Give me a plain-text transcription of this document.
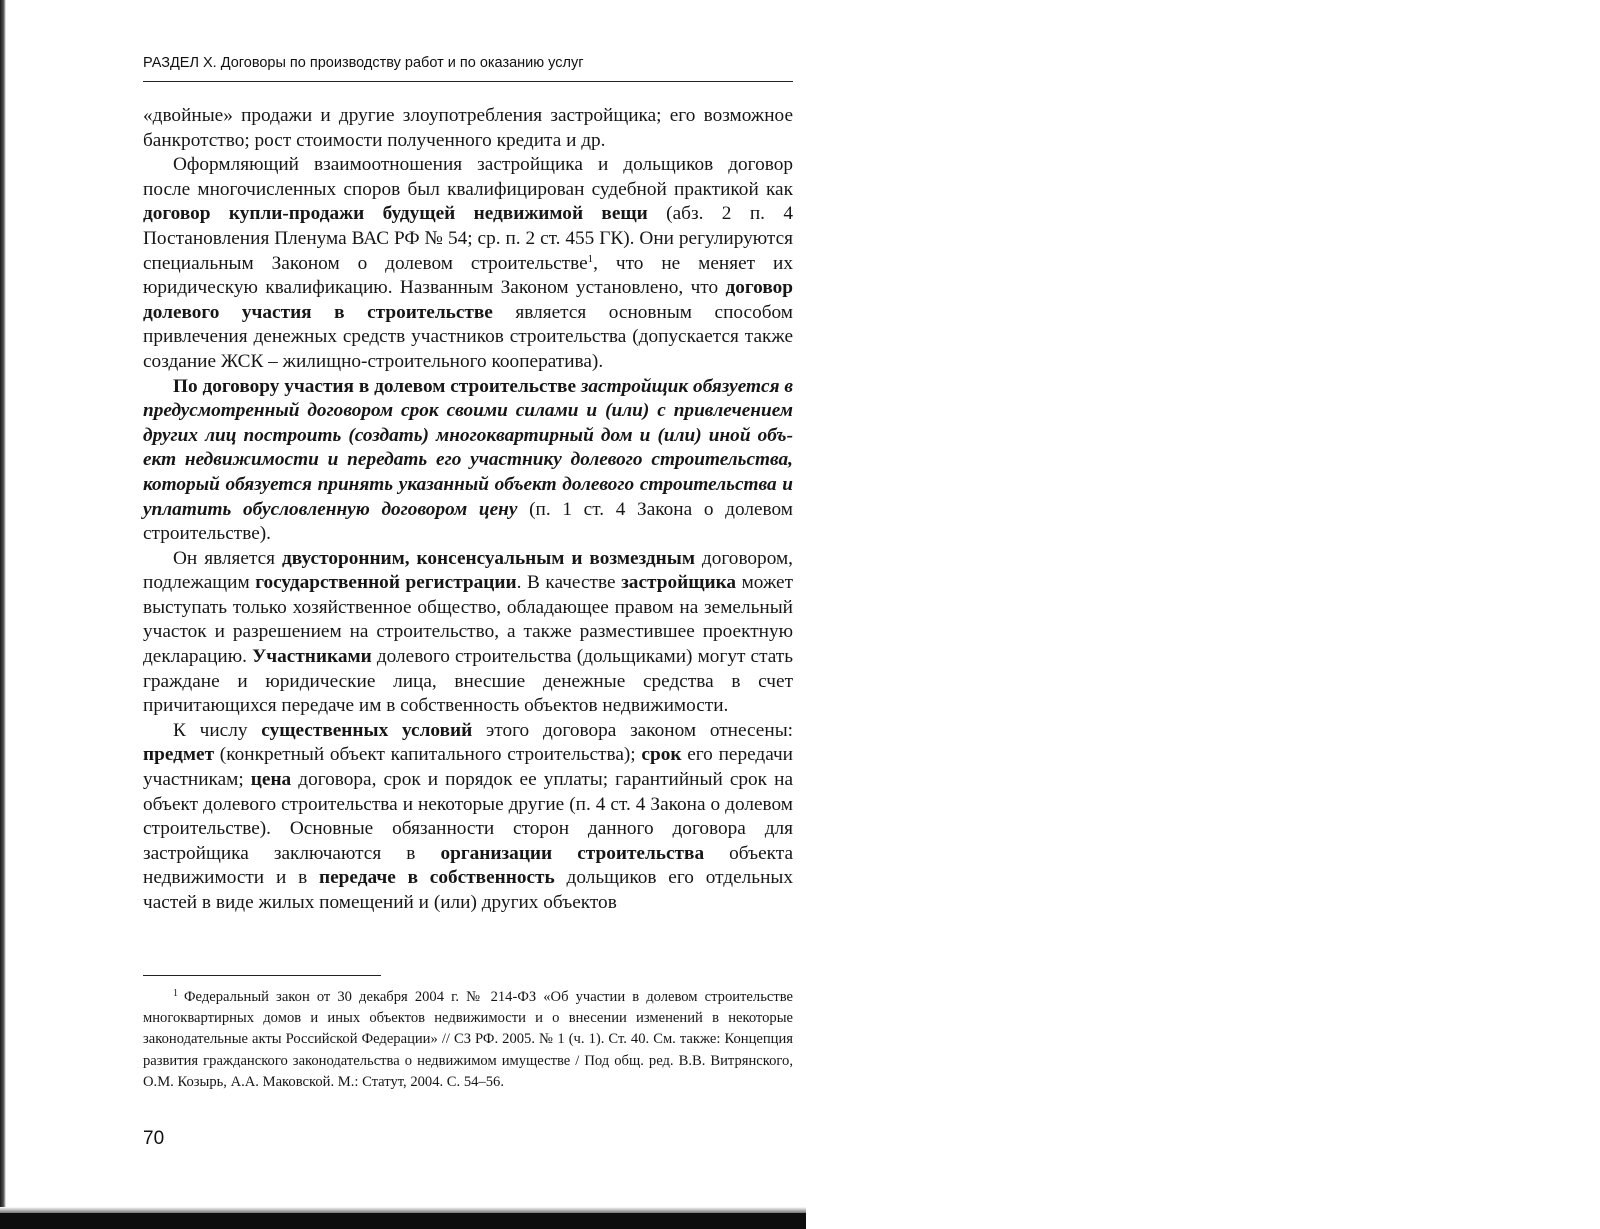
РАЗДЕЛ X. Договоры по производству работ и по оказанию услуг

«двойные» продажи и другие злоупотребления застройщика; его возможное банкротство; рост стоимости полученного кредита и др.

Оформляющий взаимоотношения застройщика и дольщиков договор после многочисленных споров был квалифицирован судебной практикой как договор купли-продажи будущей недвижимой вещи (абз. 2 п. 4 Постановления Пленума ВАС РФ № 54; ср. п. 2 ст. 455 ГК). Они регулируются специальным Законом о долевом строительстве$^1$, что не меняет их юридическую квалификацию. Названным Законом установлено, что договор долевого участия в строительстве является основным способом привлечения денежных средств участников строительства (допускается также создание ЖСК – жилищно-строительного кооператива).

По договору участия в долевом строительстве застройщик обязуется в предусмотренный договором срок своими силами и (или) с привлечением других лиц построить (создать) многоквартирный дом и (или) иной объект недвижимости и передать его участнику долевого строительства, который обязуется принять указанный объект долевого строительства и уплатить обусловленную договором цену (п. 1 ст. 4 Закона о долевом строительстве).

Он является двусторонним, консенсуальным и возмездным договором, подлежащим государственной регистрации. В качестве застройщика может выступать только хозяйственное общество, обладающее правом на земельный участок и разрешением на строительство, а также разместившее проектную декларацию. Участниками долевого строительства (дольщиками) могут стать граждане и юридические лица, внесшие денежные средства в счет причитающихся передаче им в собственность объектов недвижимости.

К числу существенных условий этого договора законом отнесены: предмет (конкретный объект капитального строительства); срок его передачи участникам; цена договора, срок и порядок ее уплаты; гарантийный срок на объект долевого строительства и некоторые другие (п. 4 ст. 4 Закона о долевом строительстве). Основные обязанности сторон данного договора для застройщика заключаются в организации строительства объекта недвижимости и в передаче в собственность дольщиков его отдельных частей в виде жилых помещений и (или) других объектов

$^1$ Федеральный закон от 30 декабря 2004 г. № 214-ФЗ «Об участии в долевом строительстве многоквартирных домов и иных объектов недвижимости и о внесении изменений в некоторые законодательные акты Российской Федерации» // СЗ РФ. 2005. № 1 (ч. 1). Ст. 40. См. также: Концепция развития гражданского законодательства о недвижимом имуществе / Под общ. ред. В.В. Витрянского, О.М. Козырь, А.А. Маковской. М.: Статут, 2004. С. 54–56.

70
